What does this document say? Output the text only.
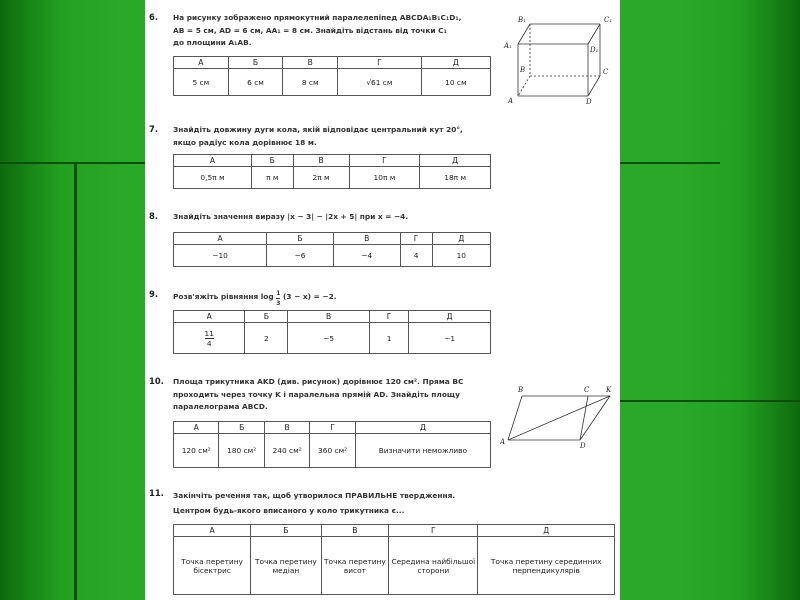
6. На рисунку зображено прямокутний паралелепіпед ABCDA₁B₁C₁D₁,
AB = 5 см, AD = 6 см, AA₁ = 8 см. Знайдіть відстань від точки C₁
до площини A₁AB.
А	Б	В	Г	Д
5 см	6 см	8 см	√61 см	10 см
B₁	C₁
A₁	D₁
B	C
A	D
7. Знайдіть довжину дуги кола, якій відповідає центральний кут 20°,
якщо радіус кола дорівнює 18 м.
А	Б	В	Г	Д
0,5π м	π м	2π м	10π м	18π м
8. Знайдіть значення виразу |x − 3| − |2x + 5| при x = −4.
А	Б	В	Г	Д
−10	−6	−4	4	10
9. Розв'яжіть рівняння $\log \frac{1}{3} (3 - x) = -2$.
А	Б	В	Г	Д

$\frac{11}{4}$	2	−5	1	−1
10. Площа трикутника AKD (див. рисунок) дорівнює 120 см². Пряма BC
проходить через точку K і паралельна прямій AD. Знайдіть площу
паралелограма ABCD.
А	Б	В	Г	Д
120 см²	180 см²	240 см²	360 см²	Визначити неможливо
B	C K
A	D
11. Закінчіть речення так, щоб утворилося ПРАВИЛЬНЕ твердження.
Центром будь-якого вписаного у коло трикутника є...
А	Б	В	Г	Д
Точка перетину бісектрис	Точка перетину медіан	Точка перетину висот	Середина найбільшої сторони	Точка перетину серединних перпендикулярів
